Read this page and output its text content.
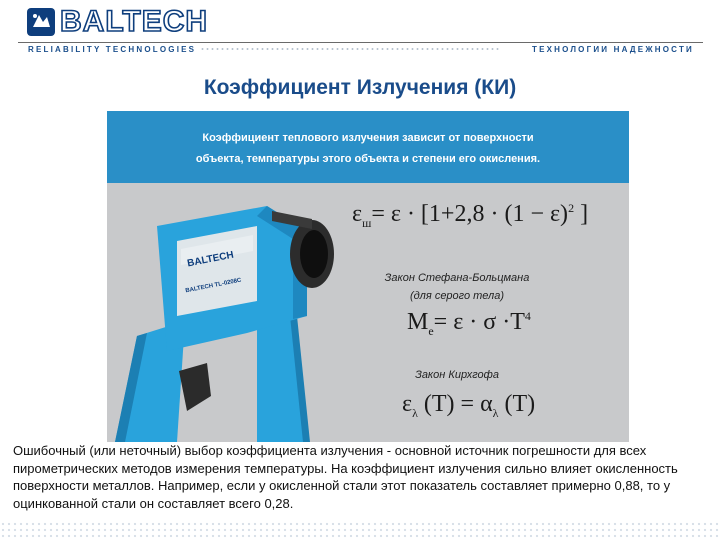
BALTECH
RELIABILITY TECHNOLOGIES	ТЕХНОЛОГИИ НАДЕЖНОСТИ
Коэффициент Излучения (КИ)
Коэффициент теплового излучения зависит от поверхности
объекта, температуры этого объекта и степени его окисления.
BALTECH
BALTECH TL-0208C
$\varepsilon_ш= \varepsilon \cdot [1+2,8 \cdot (1 - \varepsilon)^2$ ]
Закон Стефана-Больцмана
(для серого тела)
$M_e= \varepsilon \cdot \sigma \cdot T^4$
Закон Кирхгофа
$\varepsilon_\lambda$ $(T) = \alpha_\lambda$ (T)
Ошибочный (или неточный) выбор коэффициента излучения - основной источник погрешности для всех пирометрических методов измерения температуры. На коэффициент излучения сильно влияет окисленность поверхности металлов. Например, если у окисленной стали этот показатель составляет примерно 0,88, то у оцинкованной стали он составляет всего 0,28.
